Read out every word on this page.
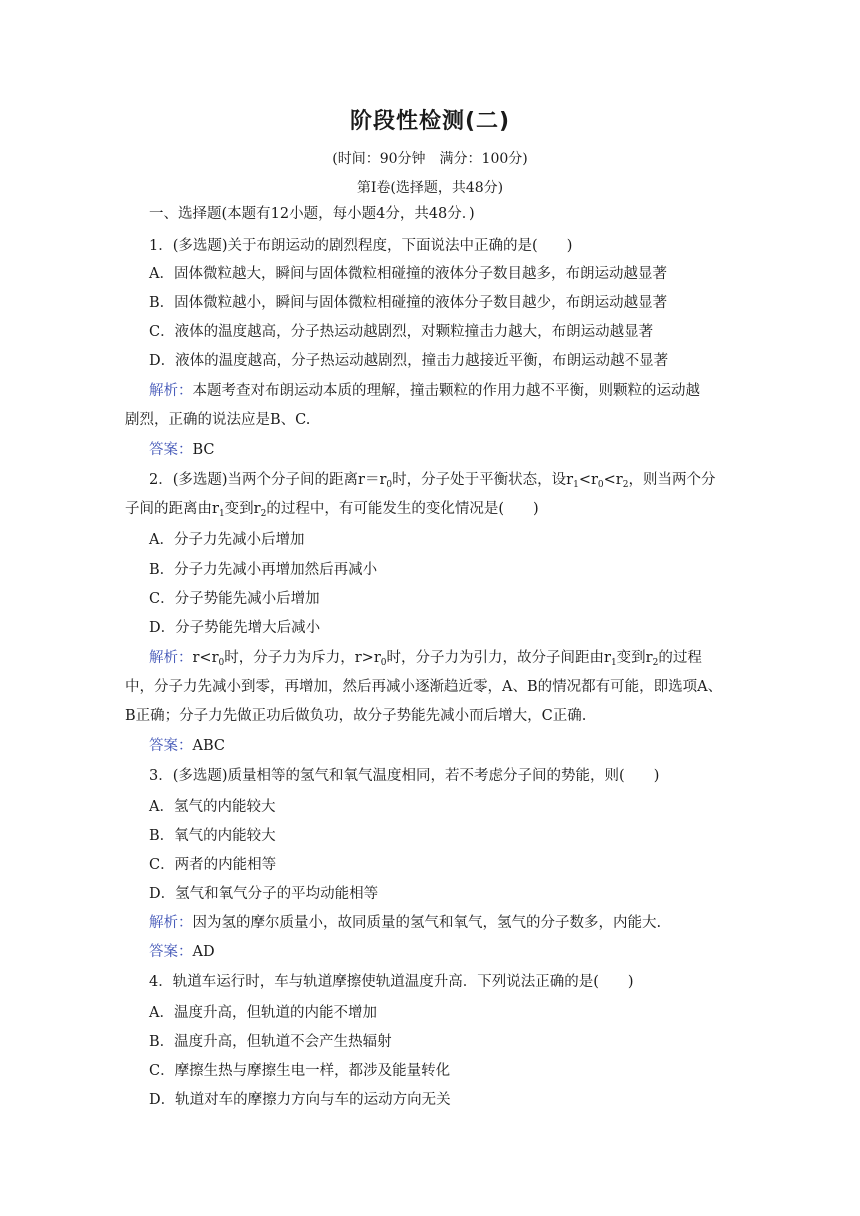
阶段性检测(二)
(时间：90分钟　满分：100分)
第Ⅰ卷(选择题，共48分)
一、选择题(本题有12小题，每小题4分，共48分．)
1．(多选题)关于布朗运动的剧烈程度，下面说法中正确的是(　　)
A．固体微粒越大，瞬间与固体微粒相碰撞的液体分子数目越多，布朗运动越显著
B．固体微粒越小，瞬间与固体微粒相碰撞的液体分子数目越少，布朗运动越显著
C．液体的温度越高，分子热运动越剧烈，对颗粒撞击力越大，布朗运动越显著
D．液体的温度越高，分子热运动越剧烈，撞击力越接近平衡，布朗运动越不显著
解析：本题考查对布朗运动本质的理解，撞击颗粒的作用力越不平衡，则颗粒的运动越
剧烈，正确的说法应是B、C.
答案：BC
2．(多选题)当两个分子间的距离$r=r_0$时，分子处于平衡状态，设$r_1<r_0<r_2$，则当两个分
子间的距离由$r_1$变到$r_2$的过程中，有可能发生的变化情况是(　　)
A．分子力先减小后增加
B．分子力先减小再增加然后再减小
C．分子势能先减小后增加
D．分子势能先增大后减小
解析：$r<r_0$时，分子力为斥力，$r>r_0$时，分子力为引力，故分子间距由$r_1$变到$r_2$的过程
中，分子力先减小到零，再增加，然后再减小逐渐趋近零，A、B的情况都有可能，即选项A、
B正确；分子力先做正功后做负功，故分子势能先减小而后增大，C正确.
答案：ABC
3．(多选题)质量相等的氢气和氧气温度相同，若不考虑分子间的势能，则(　　)
A．氢气的内能较大
B．氧气的内能较大
C．两者的内能相等
D．氢气和氧气分子的平均动能相等
解析：因为氢的摩尔质量小，故同质量的氢气和氧气，氢气的分子数多，内能大.
答案：AD
4．轨道车运行时，车与轨道摩擦使轨道温度升高．下列说法正确的是(　　)
A．温度升高，但轨道的内能不增加
B．温度升高，但轨道不会产生热辐射
C．摩擦生热与摩擦生电一样，都涉及能量转化
D．轨道对车的摩擦力方向与车的运动方向无关
